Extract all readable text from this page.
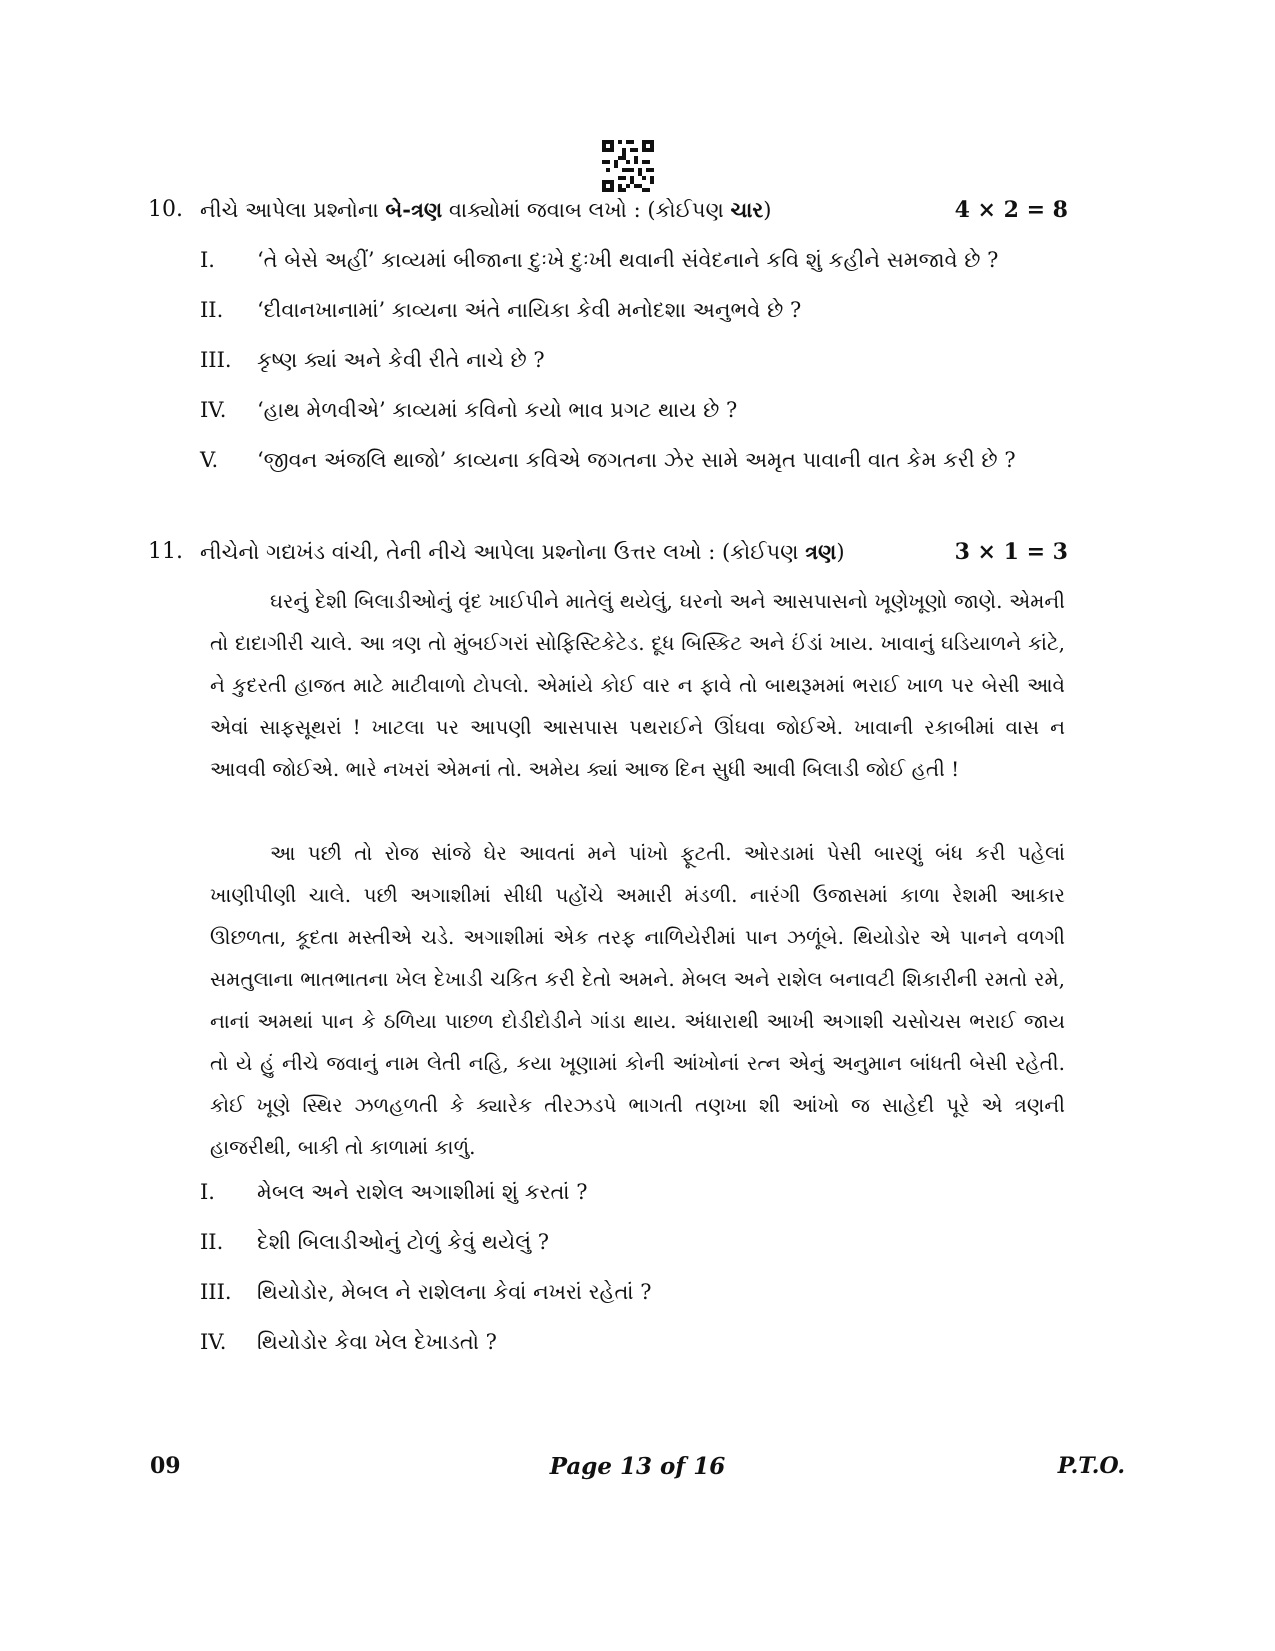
10. નીચે આપેલા પ્રશ્નોના બે-ત્રણ વાક્યોમાં જવાબ લખો : (કોઈપણ ચાર)	4 × 2 = 8
I. ‘તે બેસે અહીં’ કાવ્યમાં બીજાના દુઃખે દુઃખી થવાની સંવેદનાને કવિ શું કહીને સમજાવે છે ?
II. ‘દીવાનખાનામાં’ કાવ્યના અંતે નાયિકા કેવી મનોદશા અનુભવે છે ?
III. કૃષ્ણ ક્યાં અને કેવી રીતે નાચે છે ?
IV. ‘હાથ મેળવીએ’ કાવ્યમાં કવિનો કયો ભાવ પ્રગટ થાય છે ?
V. ‘જીવન અંજલિ થાજો’ કાવ્યના કવિએ જગતના ઝેર સામે અમૃત પાવાની વાત કેમ કરી છે ?
11. નીચેનો ગદ્યખંડ વાંચી, તેની નીચે આપેલા પ્રશ્નોના ઉત્તર લખો : (કોઈપણ ત્રણ)	3 × 1 = 3
ઘરનું દેશી બિલાડીઓનું વૃંદ ખાઈપીને માતેલું થયેલું, ઘરનો અને આસપાસનો ખૂણેખૂણો જાણે. એમની તો દાદાગીરી ચાલે. આ ત્રણ તો મુંબઈગરાં સોફિસ્ટિકેટેડ. દૂધ બિસ્કિટ અને ઈંડાં ખાય. ખાવાનું ઘડિયાળને કાંટે, ને કુદરતી હાજત માટે માટીવાળો ટોપલો. એમાંયે કોઈ વાર ન ફાવે તો બાથરૂમમાં ભરાઈ ખાળ પર બેસી આવે એવાં સાફસૂથરાં ! ખાટલા પર આપણી આસપાસ પથરાઈને ઊંઘવા જોઈએ. ખાવાની રકાબીમાં વાસ ન આવવી જોઈએ. ભારે નખરાં એમનાં તો. અમેય ક્યાં આજ દિન સુધી આવી બિલાડી જોઈ હતી !
આ પછી તો રોજ સાંજે ઘેર આવતાં મને પાંખો ફૂટતી. ઓરડામાં પેસી બારણું બંધ કરી પહેલાં ખાણીપીણી ચાલે. પછી અગાશીમાં સીધી પહોંચે અમારી મંડળી. નારંગી ઉજાસમાં કાળા રેશમી આકાર ઊછળતા, કૂદતા મસ્તીએ ચડે. અગાશીમાં એક તરફ નાળિયેરીમાં પાન ઝળૂંબે. થિયોડોર એ પાનને વળગી સમતુલાના ભાતભાતના ખેલ દેખાડી ચકિત કરી દેતો અમને. મેબલ અને રાશેલ બનાવટી શિકારીની રમતો રમે, નાનાં અમથાં પાન કે ઠળિયા પાછળ દોડીદોડીને ગાંડા થાય. અંધારાથી આખી અગાશી ચસોચસ ભરાઈ જાય તો યે હું નીચે જવાનું નામ લેતી નહિ, કયા ખૂણામાં કોની આંખોનાં રત્ન એનું અનુમાન બાંધતી બેસી રહેતી. કોઈ ખૂણે સ્થિર ઝળહળતી કે ક્યારેક તીરઝડપે ભાગતી તણખા શી આંખો જ સાહેદી પૂરે એ ત્રણની હાજરીથી, બાકી તો કાળામાં કાળું.
I. મેબલ અને રાશેલ અગાશીમાં શું કરતાં ?
II. દેશી બિલાડીઓનું ટોળું કેવું થયેલું ?
III. થિયોડોર, મેબલ ને રાશેલના કેવાં નખરાં રહેતાં ?
IV. થિયોડોર કેવા ખેલ દેખાડતો ?
09	Page 13 of 16	P.T.O.
